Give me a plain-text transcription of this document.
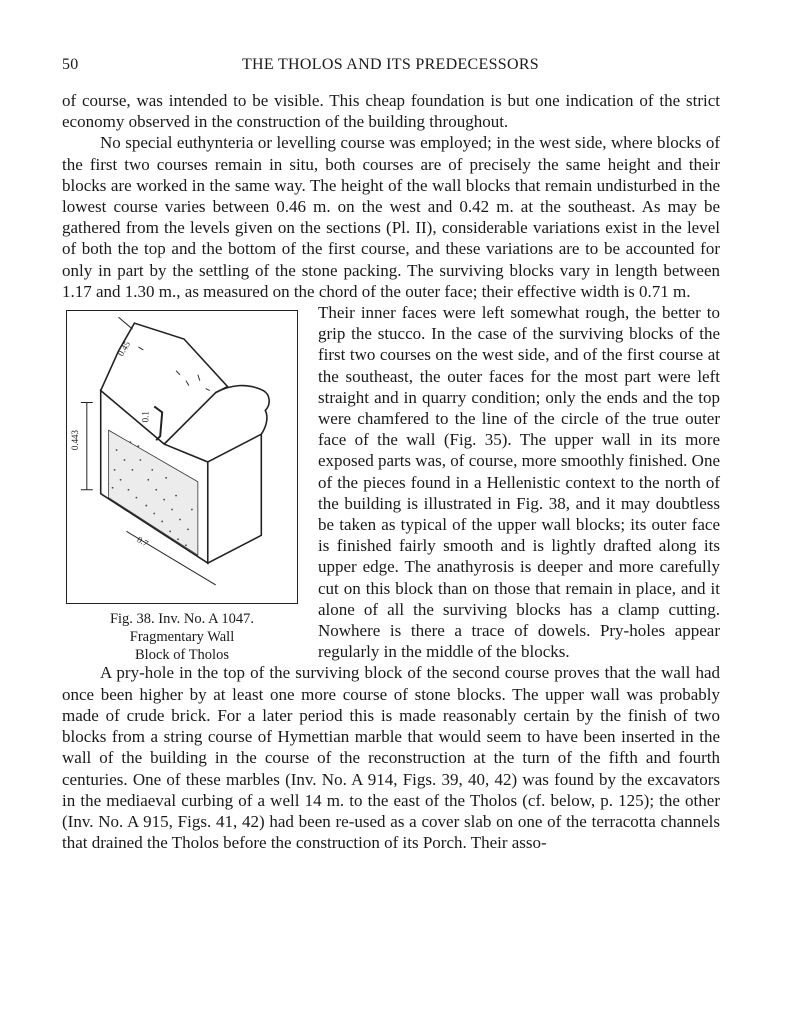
50	THE THOLOS AND ITS PREDECESSORS

of course, was intended to be visible. This cheap foundation is but one indication of the strict economy observed in the construction of the building throughout.

No special euthynteria or levelling course was employed; in the west side, where blocks of the first two courses remain in situ, both courses are of precisely the same height and their blocks are worked in the same way. The height of the wall blocks that remain undisturbed in the lowest course varies between 0.46 m. on the west and 0.42 m. at the southeast. As may be gathered from the levels given on the sections (Pl. II), considerable variations exist in the level of both the top and the bottom of the first course, and these variations are to be accounted for only in part by the settling of the stone packing. The surviving blocks vary in length between 1.17 and 1.30 m., as measured on the chord of the outer face; their effective width is 0.71 m.

0.45
0.443
0.1
0.7
Fig. 38. Inv. No. A 1047.
Fragmentary Wall
Block of Tholos

Their inner faces were left somewhat rough, the better to grip the stucco. In the case of the surviving blocks of the first two courses on the west side, and of the first course at the southeast, the outer faces for the most part were left straight and in quarry condition; only the ends and the top were chamfered to the line of the circle of the true outer face of the wall (Fig. 35). The upper wall in its more exposed parts was, of course, more smoothly finished. One of the pieces found in a Hellenistic context to the north of the building is illustrated in Fig. 38, and it may doubtless be taken as typical of the upper wall blocks; its outer face is finished fairly smooth and is lightly drafted along its upper edge. The anathyrosis is deeper and more carefully cut on this block than on those that remain in place, and it alone of all the surviving blocks has a clamp cutting. Nowhere is there a trace of dowels. Pry-holes appear regularly in the middle of the blocks.

A pry-hole in the top of the surviving block of the second course proves that the wall had once been higher by at least one more course of stone blocks. The upper wall was probably made of crude brick. For a later period this is made reasonably certain by the finish of two blocks from a string course of Hymettian marble that would seem to have been inserted in the wall of the building in the course of the reconstruction at the turn of the fifth and fourth centuries. One of these marbles (Inv. No. A 914, Figs. 39, 40, 42) was found by the excavators in the mediaeval curbing of a well 14 m. to the east of the Tholos (cf. below, p. 125); the other (Inv. No. A 915, Figs. 41, 42) had been re-used as a cover slab on one of the terracotta channels that drained the Tholos before the construction of its Porch. Their asso-
